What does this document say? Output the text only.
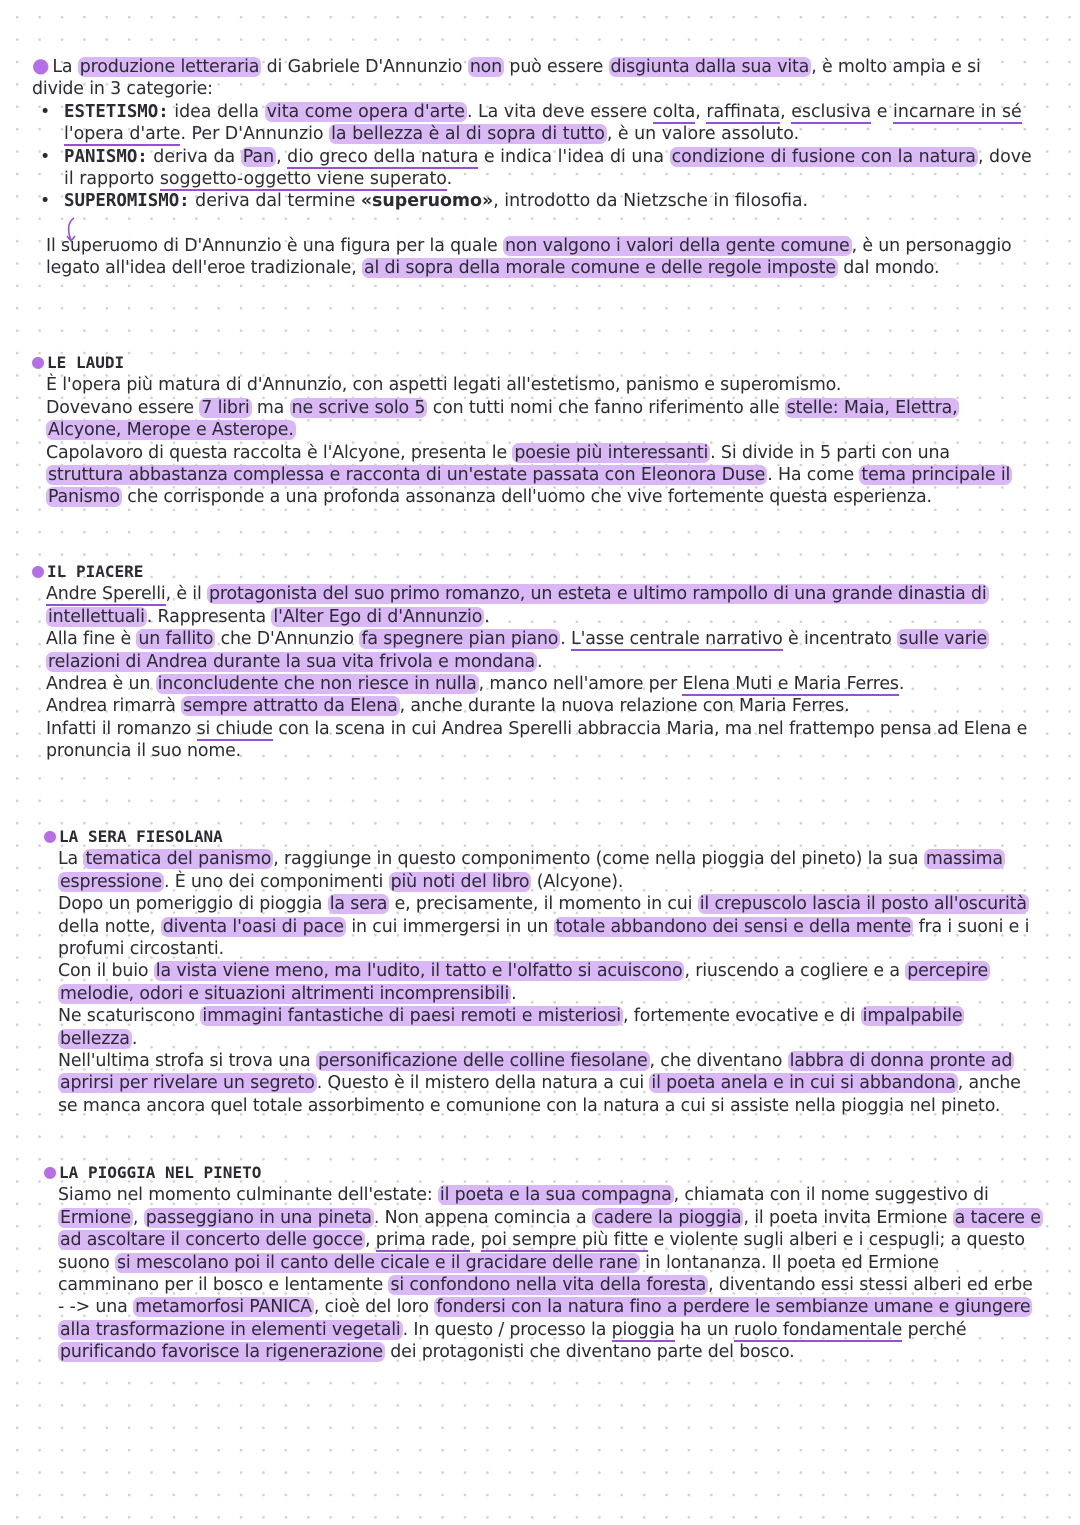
● La produzione letteraria di Gabriele D'Annunzio non può essere disgiunta dalla sua vita , è molto ampia e si divide in 3 categorie:

• ESTETISMO: idea della vita come opera d'arte . La vita deve essere colta, raffinata, esclusiva e incarnare in sé l'opera d'arte. Per D'Annunzio la bellezza è al di sopra di tutto , è un valore assoluto.
• PANISMO: deriva da Pan , dio greco della natura e indica l'idea di una condizione di fusione con la natura , dove il rapporto soggetto-oggetto viene superato.
• SUPEROMISMO: deriva dal termine «superuomo», introdotto da Nietzsche in filosofia.

Il superuomo di D'Annunzio è una figura per la quale non valgono i valori della gente comune , è un personaggio legato all'idea dell'eroe tradizionale, al di sopra della morale comune e delle regole imposte dal mondo.

● LE LAUDI

È l'opera più matura di d'Annunzio, con aspetti legati all'estetismo, panismo e superomismo.
Dovevano essere 7 libri ma ne scrive solo 5 con tutti nomi che fanno riferimento alle stelle: Maia, Elettra, Alcyone, Merope e Asterope.
Capolavoro di questa raccolta è l'Alcyone, presenta le poesie più interessanti . Si divide in 5 parti con una struttura abbastanza complessa e racconta di un'estate passata con Eleonora Duse . Ha come tema principale il Panismo che corrisponde a una profonda assonanza dell'uomo che vive fortemente questa esperienza.

● IL PIACERE

Andre Sperelli, è il protagonista del suo primo romanzo, un esteta e ultimo rampollo di una grande dinastia di intellettuali . Rappresenta l'Alter Ego di d'Annunzio .
Alla fine è un fallito che D'Annunzio fa spegnere pian piano . L'asse centrale narrativo è incentrato sulle varie relazioni di Andrea durante la sua vita frivola e mondana .
Andrea è un inconcludente che non riesce in nulla , manco nell'amore per Elena Muti e Maria Ferres.
Andrea rimarrà sempre attratto da Elena , anche durante la nuova relazione con Maria Ferres.
Infatti il romanzo si chiude con la scena in cui Andrea Sperelli abbraccia Maria, ma nel frattempo pensa ad Elena e pronuncia il suo nome.

● LA SERA FIESOLANA

La tematica del panismo , raggiunge in questo componimento (come nella pioggia del pineto) la sua massima espressione . È uno dei componimenti più noti del libro (Alcyone).
Dopo un pomeriggio di pioggia la sera e, precisamente, il momento in cui il crepuscolo lascia il posto all'oscurità della notte, diventa l'oasi di pace in cui immergersi in un totale abbandono dei sensi e della mente fra i suoni e i profumi circostanti.
Con il buio la vista viene meno, ma l'udito, il tatto e l'olfatto si acuiscono , riuscendo a cogliere e a percepire melodie, odori e situazioni altrimenti incomprensibili .
Ne scaturiscono immagini fantastiche di paesi remoti e misteriosi , fortemente evocative e di impalpabile bellezza .
Nell'ultima strofa si trova una personificazione delle colline fiesolane , che diventano labbra di donna pronte ad aprirsi per rivelare un segreto . Questo è il mistero della natura a cui il poeta anela e in cui si abbandona , anche se manca ancora quel totale assorbimento e comunione con la natura a cui si assiste nella pioggia nel pineto.

● LA PIOGGIA NEL PINETO

Siamo nel momento culminante dell'estate: il poeta e la sua compagna , chiamata con il nome suggestivo di Ermione , passeggiano in una pineta . Non appena comincia a cadere la pioggia , il poeta invita Ermione a tacere e ad ascoltare il concerto delle gocce , prima rade, poi sempre più fitte e violente sugli alberi e i cespugli; a questo suono si mescolano poi il canto delle cicale e il gracidare delle rane in lontananza. Il poeta ed Ermione camminano per il bosco e lentamente si confondono nella vita della foresta , diventando essi stessi alberi ed erbe - -> una metamorfosi PANICA , cioè del loro fondersi con la natura fino a perdere le sembianze umane e giungere alla trasformazione in elementi vegetali . In questo / processo la pioggia ha un ruolo fondamentale perché purificando favorisce la rigenerazione dei protagonisti che diventano parte del bosco.
